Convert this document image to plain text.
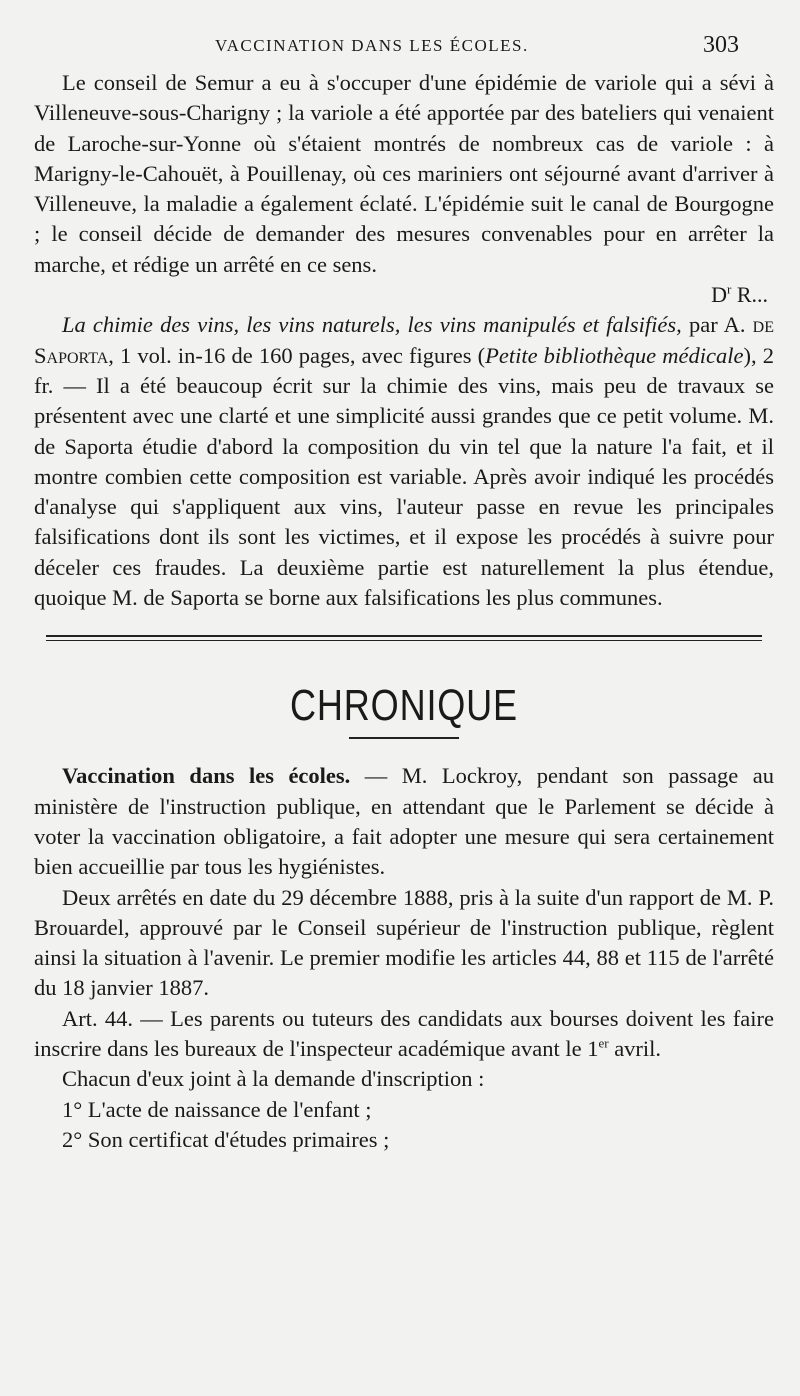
VACCINATION DANS LES ÉCOLES.	303

Le conseil de Semur a eu à s'occuper d'une épidémie de variole qui a sévi à Villeneuve-sous-Charigny ; la variole a été apportée par des bateliers qui venaient de Laroche-sur-Yonne où s'étaient montrés de nombreux cas de variole : à Marigny-le-Cahouët, à Pouillenay, où ces mariniers ont séjourné avant d'arriver à Villeneuve, la maladie a également éclaté. L'épidémie suit le canal de Bourgogne ; le conseil décide de demander des mesures convenables pour en arrêter la marche, et rédige un arrêté en ce sens.

$D^r$ R...

La chimie des vins, les vins naturels, les vins manipulés et falsifiés, par A. de Saporta, 1 vol. in-16 de 160 pages, avec figures (Petite bibliothèque médicale), 2 fr. — Il a été beaucoup écrit sur la chimie des vins, mais peu de travaux se présentent avec une clarté et une simplicité aussi grandes que ce petit volume. M. de Saporta étudie d'abord la composition du vin tel que la nature l'a fait, et il montre combien cette composition est variable. Après avoir indiqué les procédés d'analyse qui s'appliquent aux vins, l'auteur passe en revue les principales falsifications dont ils sont les victimes, et il expose les procédés à suivre pour déceler ces fraudes. La deuxième partie est naturellement la plus étendue, quoique M. de Saporta se borne aux falsifications les plus communes.

CHRONIQUE

Vaccination dans les écoles. — M. Lockroy, pendant son passage au ministère de l'instruction publique, en attendant que le Parlement se décide à voter la vaccination obligatoire, a fait adopter une mesure qui sera certainement bien accueillie par tous les hygiénistes.

Deux arrêtés en date du 29 décembre 1888, pris à la suite d'un rapport de M. P. Brouardel, approuvé par le Conseil supérieur de l'instruction publique, règlent ainsi la situation à l'avenir. Le premier modifie les articles 44, 88 et 115 de l'arrêté du 18 janvier 1887.

Art. 44. — Les parents ou tuteurs des candidats aux bourses doivent les faire inscrire dans les bureaux de l'inspecteur académique avant le 1er avril.

Chacun d'eux joint à la demande d'inscription :

1° L'acte de naissance de l'enfant ;

2° Son certificat d'études primaires ;
